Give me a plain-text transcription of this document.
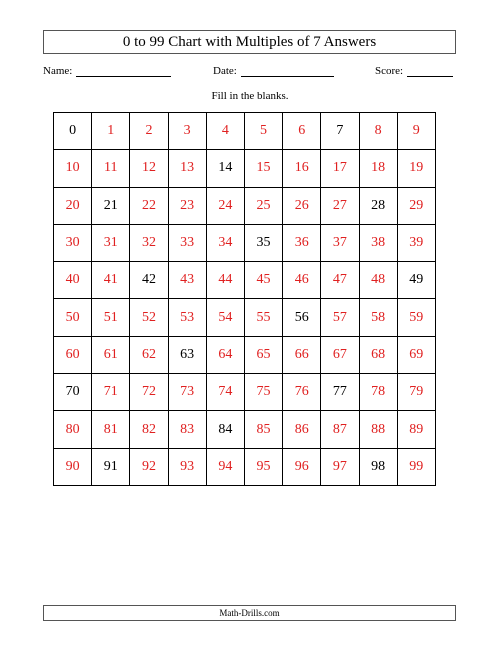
0 to 99 Chart with Multiples of 7 Answers
Name:	Date:	Score:
Fill in the blanks.
0	1	2	3	4	5	6	7	8	9
10	11	12	13	14	15	16	17	18	19
20	21	22	23	24	25	26	27	28	29
30	31	32	33	34	35	36	37	38	39
40	41	42	43	44	45	46	47	48	49
50	51	52	53	54	55	56	57	58	59
60	61	62	63	64	65	66	67	68	69
70	71	72	73	74	75	76	77	78	79
80	81	82	83	84	85	86	87	88	89
90	91	92	93	94	95	96	97	98	99
Math-Drills.com
